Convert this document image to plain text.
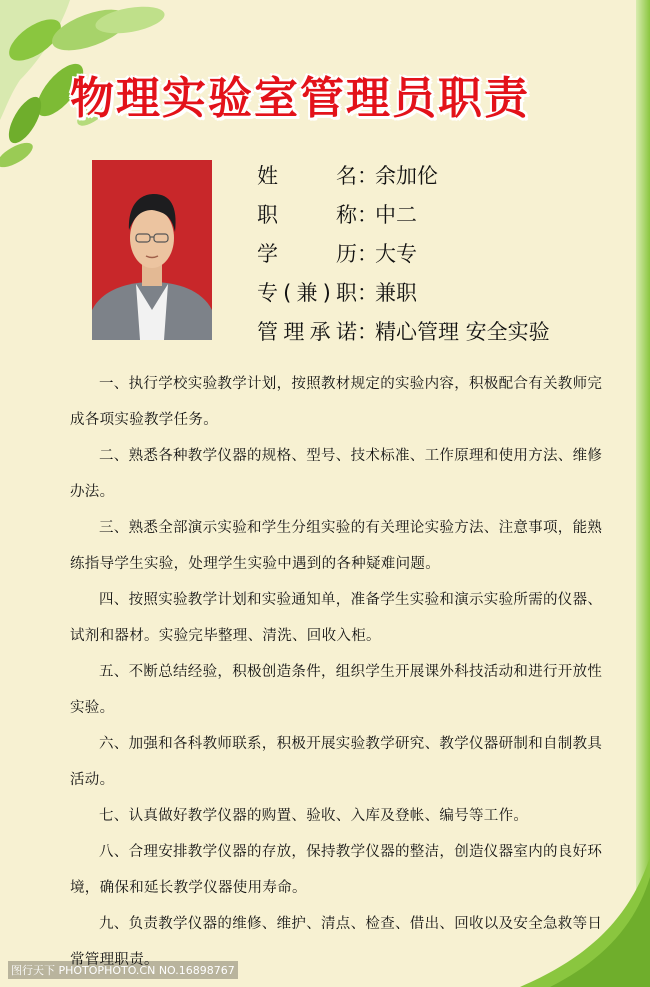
物理实验室管理员职责
姓　　名 ：
余加伦
职　　称 ：
中二
学　　历 ：
大专
专(兼)职 ：
兼职
管理承诺 ：
精心管理 安全实验

一、执行学校实验教学计划，按照教材规定的实验内容，积极配合有关教师完成各项实验教学任务。

二、熟悉各种教学仪器的规格、型号、技术标准、工作原理和使用方法、维修办法。

三、熟悉全部演示实验和学生分组实验的有关理论实验方法、注意事项，能熟练指导学生实验，处理学生实验中遇到的各种疑难问题。

四、按照实验教学计划和实验通知单，准备学生实验和演示实验所需的仪器、试剂和器材。实验完毕整理、清洗、回收入柜。

五、不断总结经验，积极创造条件，组织学生开展课外科技活动和进行开放性实验。

六、加强和各科教师联系，积极开展实验教学研究、教学仪器研制和自制教具活动。

七、认真做好教学仪器的购置、验收、入库及登帐、编号等工作。

八、合理安排教学仪器的存放，保持教学仪器的整洁，创造仪器室内的良好环境，确保和延长教学仪器使用寿命。

九、负责教学仪器的维修、维护、清点、检查、借出、回收以及安全急救等日常管理职责。

图行天下 PHOTOPHOTO.CN NO.16898767
